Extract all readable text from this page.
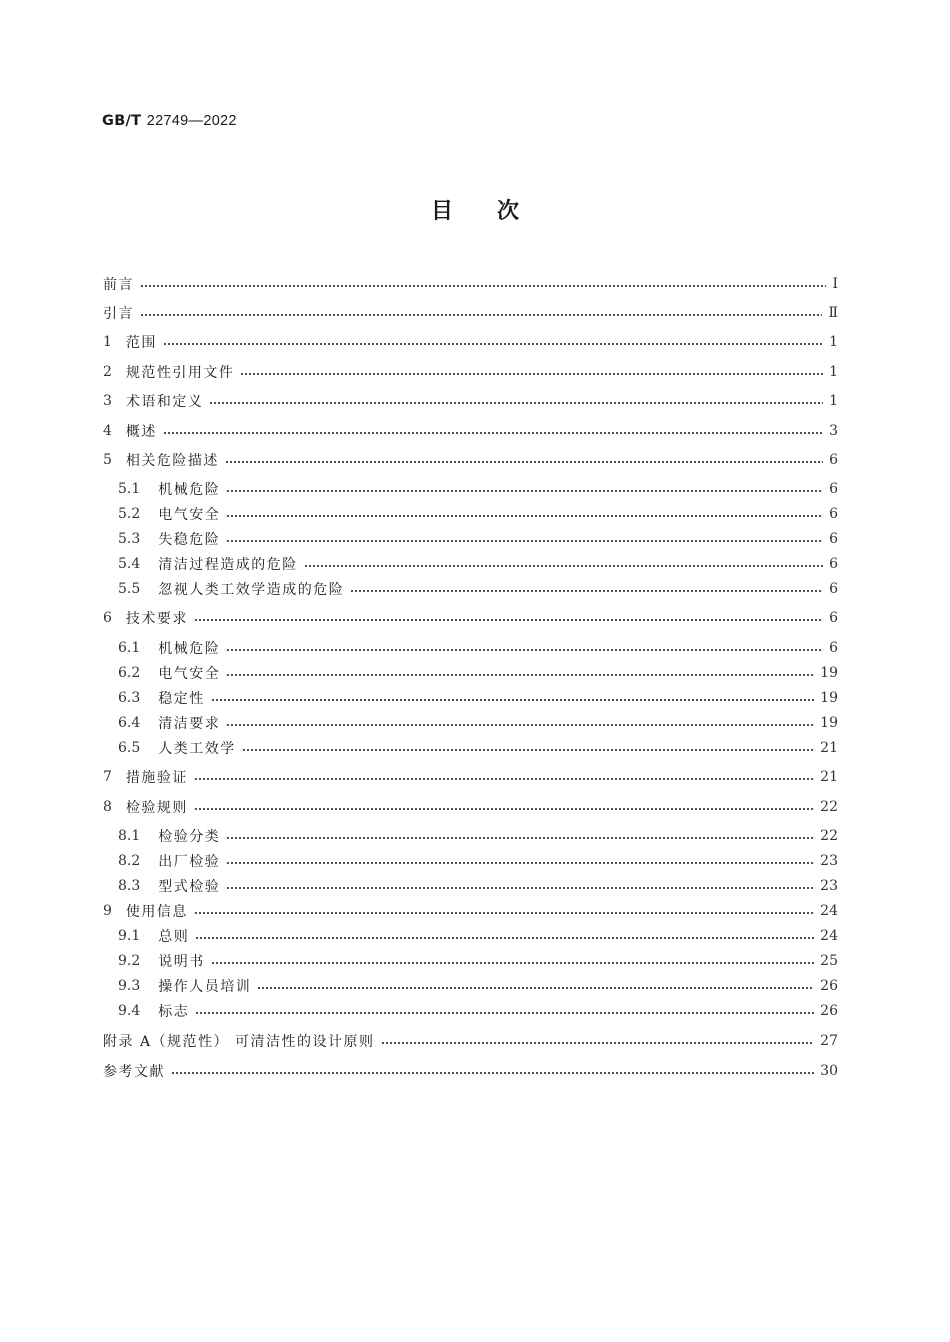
GB/T 22749—2022
目次
前言	Ⅰ
引言	Ⅱ
1 范围	1
2 规范性引用文件	1
3 术语和定义	1
4 概述	3
5 相关危险描述	6
5.1 机械危险	6
5.2 电气安全	6
5.3 失稳危险	6
5.4 清洁过程造成的危险	6
5.5 忽视人类工效学造成的危险	6
6 技术要求	6
6.1 机械危险	6
6.2 电气安全	19
6.3 稳定性	19
6.4 清洁要求	19
6.5 人类工效学	21
7 措施验证	21
8 检验规则	22
8.1 检验分类	22
8.2 出厂检验	23
8.3 型式检验	23
9 使用信息	24
9.1 总则	24
9.2 说明书	25
9.3 操作人员培训	26
9.4 标志	26
附录 A（规范性） 可清洁性的设计原则	27
参考文献	30
